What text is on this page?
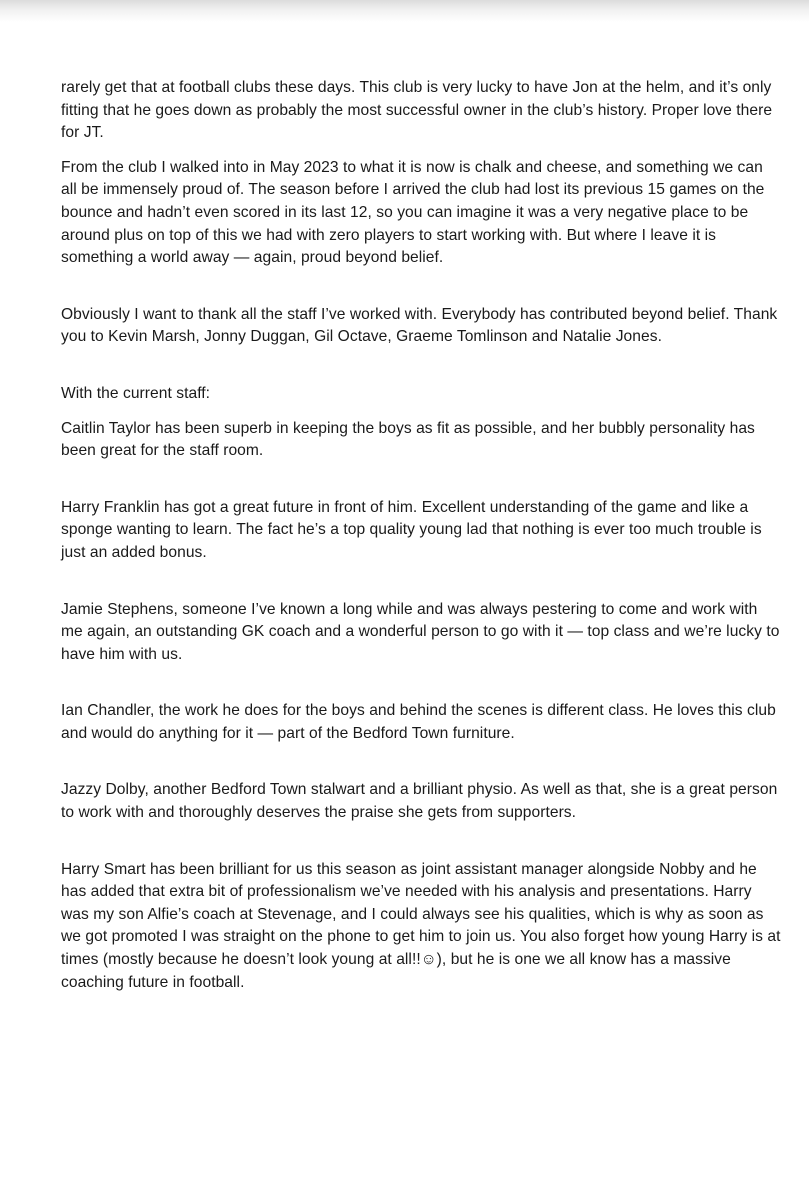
rarely get that at football clubs these days. This club is very lucky to have Jon at the helm, and it’s only fitting that he goes down as probably the most successful owner in the club’s history. Proper love there for JT.

From the club I walked into in May 2023 to what it is now is chalk and cheese, and something we can all be immensely proud of. The season before I arrived the club had lost its previous 15 games on the bounce and hadn’t even scored in its last 12, so you can imagine it was a very negative place to be around plus on top of this we had with zero players to start working with. But where I leave it is something a world away — again, proud beyond belief.

Obviously I want to thank all the staff I’ve worked with. Everybody has contributed beyond belief. Thank you to Kevin Marsh, Jonny Duggan, Gil Octave, Graeme Tomlinson and Natalie Jones.

With the current staff:

Caitlin Taylor has been superb in keeping the boys as fit as possible, and her bubbly personality has been great for the staff room.

Harry Franklin has got a great future in front of him. Excellent understanding of the game and like a sponge wanting to learn. The fact he’s a top quality young lad that nothing is ever too much trouble is just an added bonus.

Jamie Stephens, someone I’ve known a long while and was always pestering to come and work with me again, an outstanding GK coach and a wonderful person to go with it — top class and we’re lucky to have him with us.

Ian Chandler, the work he does for the boys and behind the scenes is different class. He loves this club and would do anything for it — part of the Bedford Town furniture.

Jazzy Dolby, another Bedford Town stalwart and a brilliant physio. As well as that, she is a great person to work with and thoroughly deserves the praise she gets from supporters.

Harry Smart has been brilliant for us this season as joint assistant manager alongside Nobby and he has added that extra bit of professionalism we’ve needed with his analysis and presentations. Harry was my son Alfie’s coach at Stevenage, and I could always see his qualities, which is why as soon as we got promoted I was straight on the phone to get him to join us. You also forget how young Harry is at times (mostly because he doesn’t look young at all!!☺), but he is one we all know has a massive coaching future in football.
